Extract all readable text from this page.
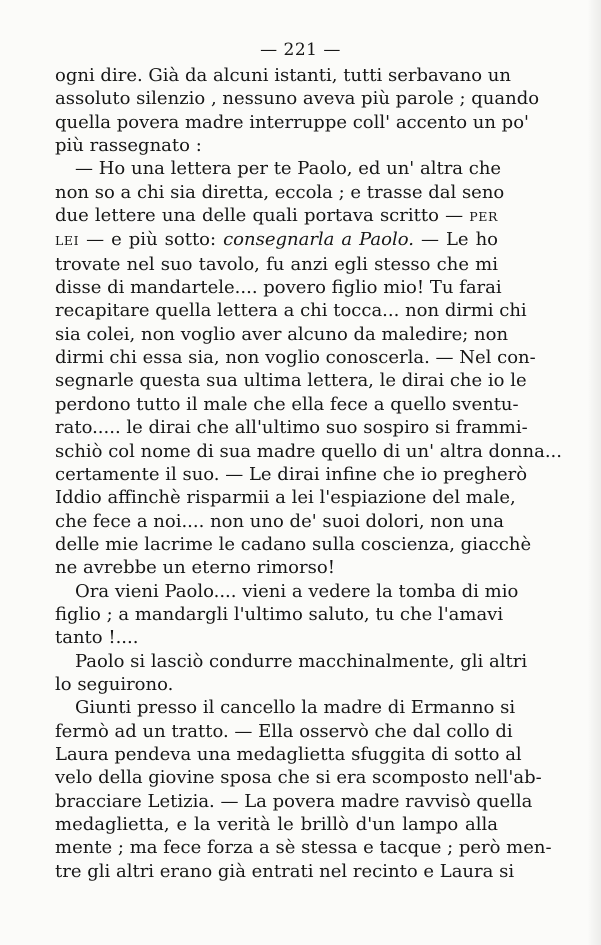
— 221 —
ogni dire. Già da alcuni istanti, tutti serbavano un
assoluto silenzio , nessuno aveva più parole ; quando
quella povera madre interruppe coll' accento un po'
più rassegnato :
— Ho una lettera per te Paolo, ed un' altra che
non so a chi sia diretta, eccola ; e trasse dal seno
due lettere una delle quali portava scritto — PER
LEI — e più sotto: consegnarla a Paolo. — Le ho
trovate nel suo tavolo, fu anzi egli stesso che mi
disse di mandartele.... povero figlio mio! Tu farai
recapitare quella lettera a chi tocca... non dirmi chi
sia colei, non voglio aver alcuno da maledire; non
dirmi chi essa sia, non voglio conoscerla. — Nel con-
segnarle questa sua ultima lettera, le dirai che io le
perdono tutto il male che ella fece a quello sventu-
rato..... le dirai che all'ultimo suo sospiro si frammi-
schiò col nome di sua madre quello di un' altra donna...
certamente il suo. — Le dirai infine che io pregherò
Iddio affinchè risparmii a lei l'espiazione del male,
che fece a noi.... non uno de' suoi dolori, non una
delle mie lacrime le cadano sulla coscienza, giacchè
ne avrebbe un eterno rimorso!
Ora vieni Paolo.... vieni a vedere la tomba di mio
figlio ; a mandargli l'ultimo saluto, tu che l'amavi
tanto !....
Paolo si lasciò condurre macchinalmente, gli altri
lo seguirono.
Giunti presso il cancello la madre di Ermanno si
fermò ad un tratto. — Ella osservò che dal collo di
Laura pendeva una medaglietta sfuggita di sotto al
velo della giovine sposa che si era scomposto nell'ab-
bracciare Letizia. — La povera madre ravvisò quella
medaglietta, e la verità le brillò d'un lampo alla
mente ; ma fece forza a sè stessa e tacque ; però men-
tre gli altri erano già entrati nel recinto e Laura si
